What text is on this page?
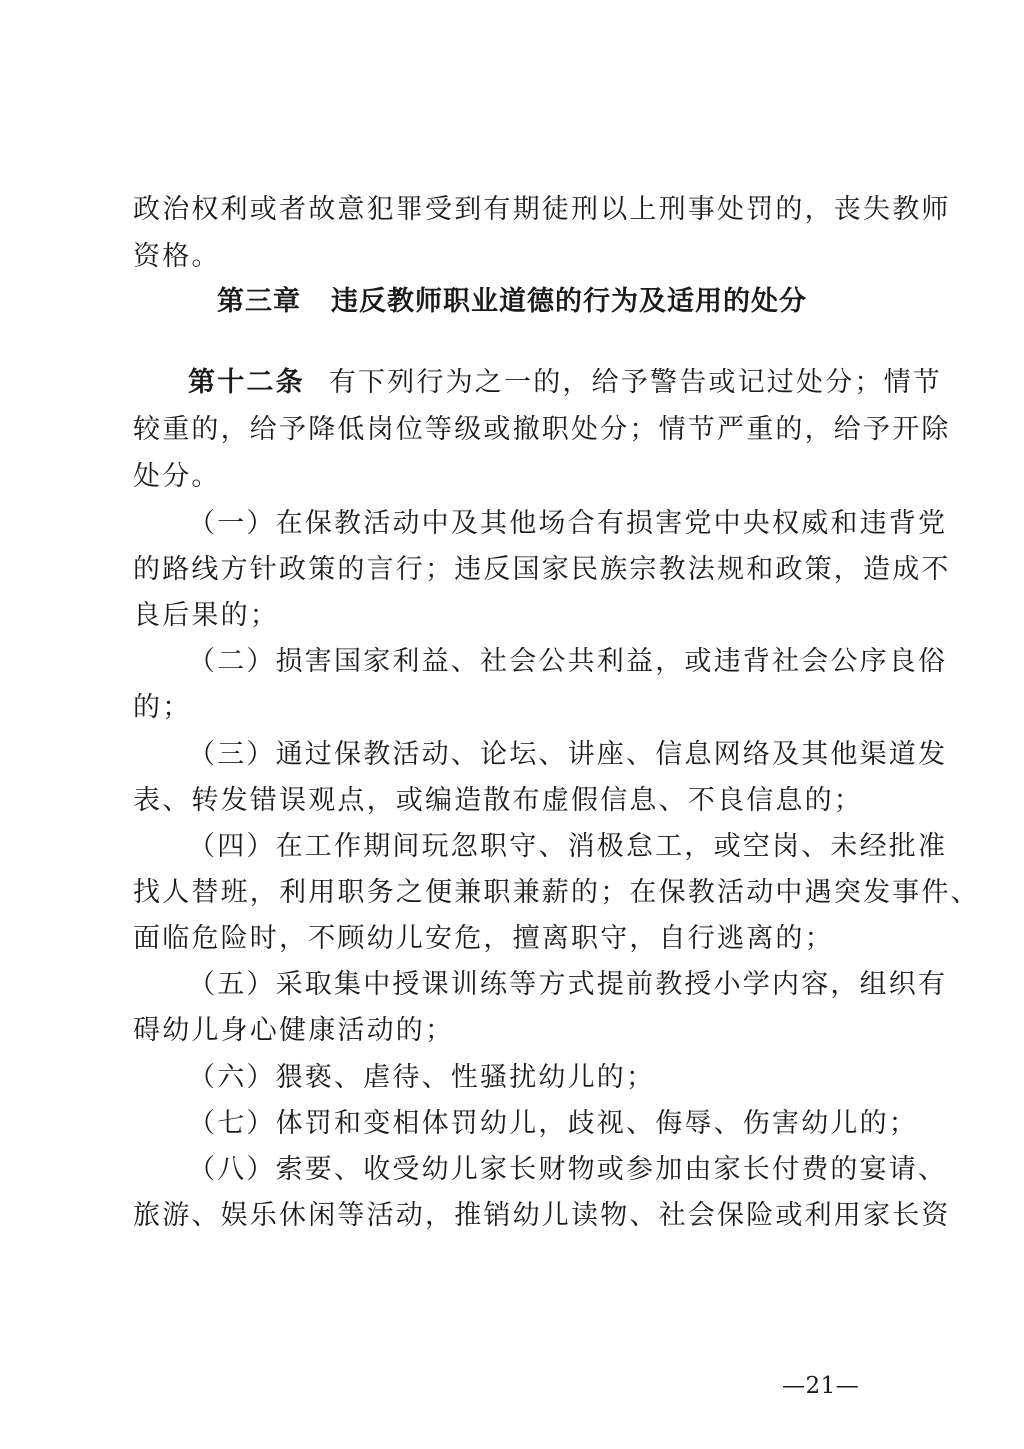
政治权利或者故意犯罪受到有期徒刑以上刑事处罚的，丧失教师
资格。
第三章 违反教师职业道德的行为及适用的处分
第十二条 有下列行为之一的，给予警告或记过处分；情节
较重的，给予降低岗位等级或撤职处分；情节严重的，给予开除
处分。
（一）在保教活动中及其他场合有损害党中央权威和违背党
的路线方针政策的言行；违反国家民族宗教法规和政策，造成不
良后果的；
（二）损害国家利益、社会公共利益，或违背社会公序良俗
的；
（三）通过保教活动、论坛、讲座、信息网络及其他渠道发
表、转发错误观点，或编造散布虚假信息、不良信息的；
（四）在工作期间玩忽职守、消极怠工，或空岗、未经批准
找人替班，利用职务之便兼职兼薪的；在保教活动中遇突发事件、
面临危险时，不顾幼儿安危，擅离职守，自行逃离的；
（五）采取集中授课训练等方式提前教授小学内容，组织有
碍幼儿身心健康活动的；
（六）猥亵、虐待、性骚扰幼儿的；
（七）体罚和变相体罚幼儿，歧视、侮辱、伤害幼儿的；
（八）索要、收受幼儿家长财物或参加由家长付费的宴请、
旅游、娱乐休闲等活动，推销幼儿读物、社会保险或利用家长资
—21—
